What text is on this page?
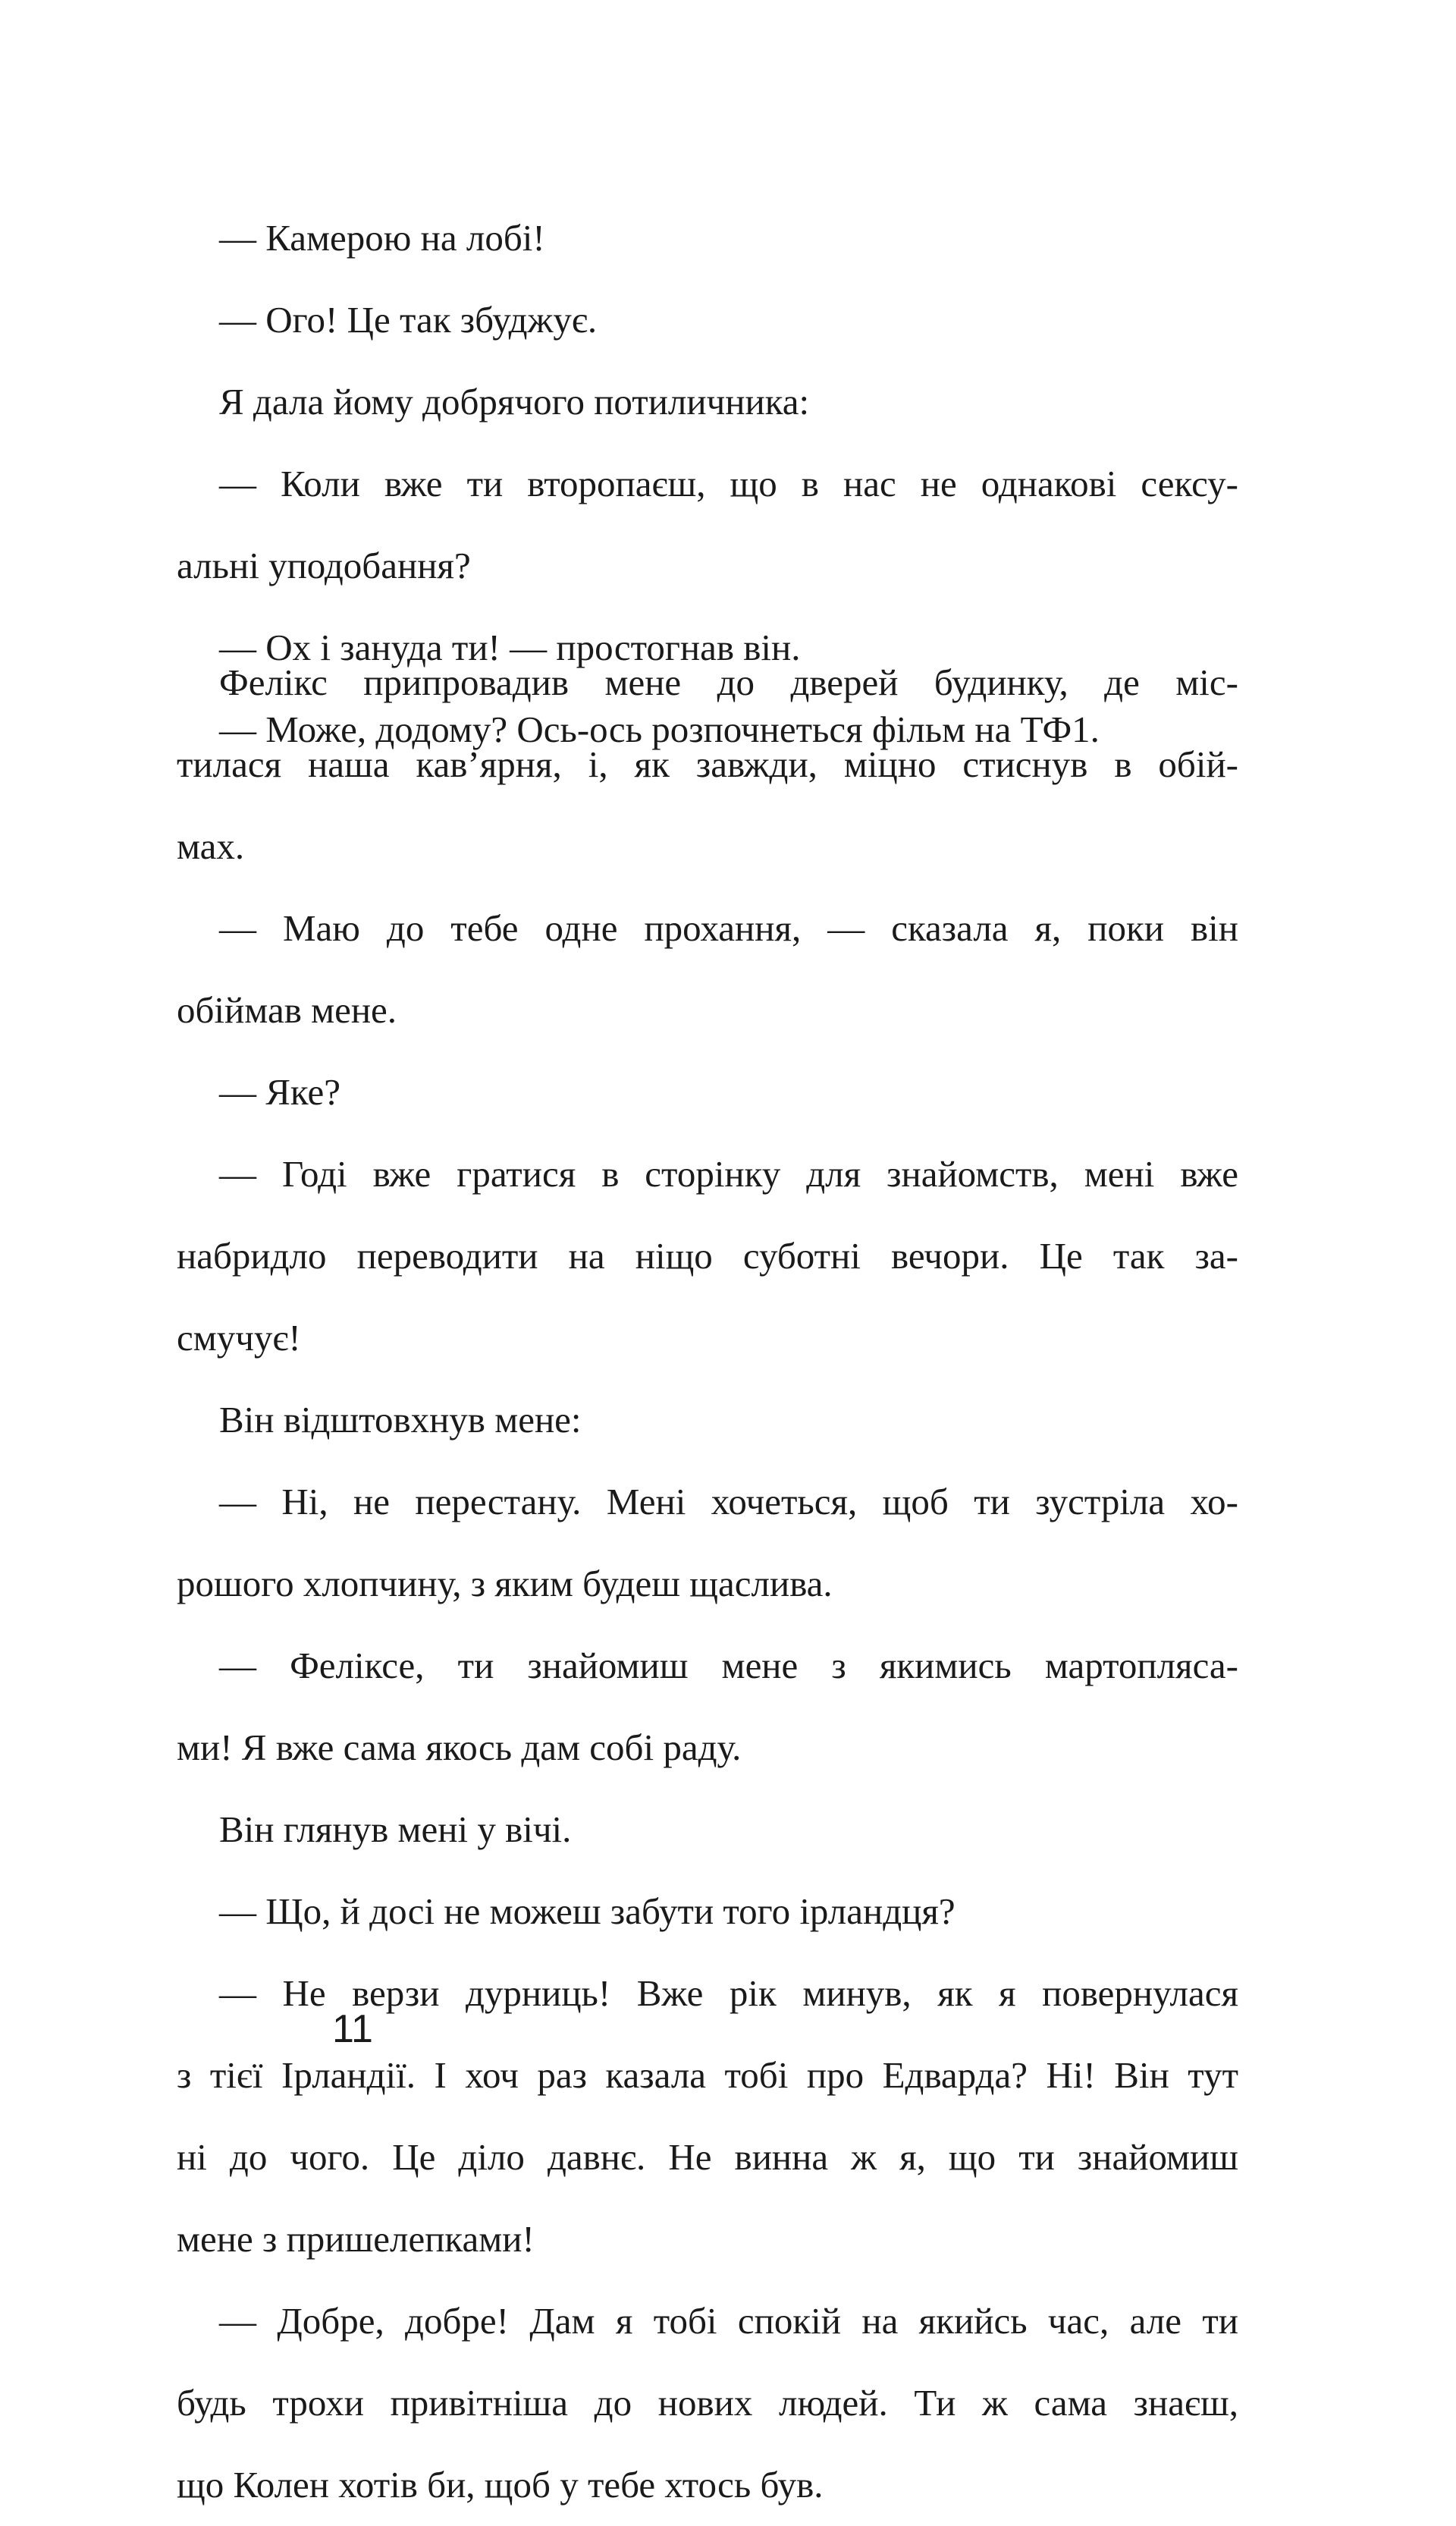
— Камерою на лобі!
— Ого! Це так збуджує.
Я дала йому добрячого потиличника:
— Коли вже ти второпаєш, що в нас не однакові сексу-
альні уподобання?
— Ох і зануда ти! — простогнав він.
— Може, додому? Ось-ось розпочнеться фільм на ТФ1.
Фелікс припровадив мене до дверей будинку, де міс-
тилася наша кав’ярня, і, як завжди, міцно стиснув в обій-
мах.
— Маю до тебе одне прохання, — сказала я, поки він
обіймав мене.
— Яке?
— Годі вже гратися в сторінку для знайомств, мені вже
набридло переводити на ніщо суботні вечори. Це так за-
смучує!
Він відштовхнув мене:
— Ні, не перестану. Мені хочеться, щоб ти зустріла хо-
рошого хлопчину, з яким будеш щаслива.
— Феліксе, ти знайомиш мене з якимись мартопляса-
ми! Я вже сама якось дам собі раду.
Він глянув мені у вічі.
— Що, й досі не можеш забути того ірландця?
— Не верзи дурниць! Вже рік минув, як я повернулася
з тієї Ірландії. І хоч раз казала тобі про Едварда? Ні! Він тут
ні до чого. Це діло давнє. Не винна ж я, що ти знайомиш
мене з пришелепками!
— Добре, добре! Дам я тобі спокій на якийсь час, але ти
будь трохи привітніша до нових людей. Ти ж сама знаєш,
що Колен хотів би, щоб у тебе хтось був.
11
